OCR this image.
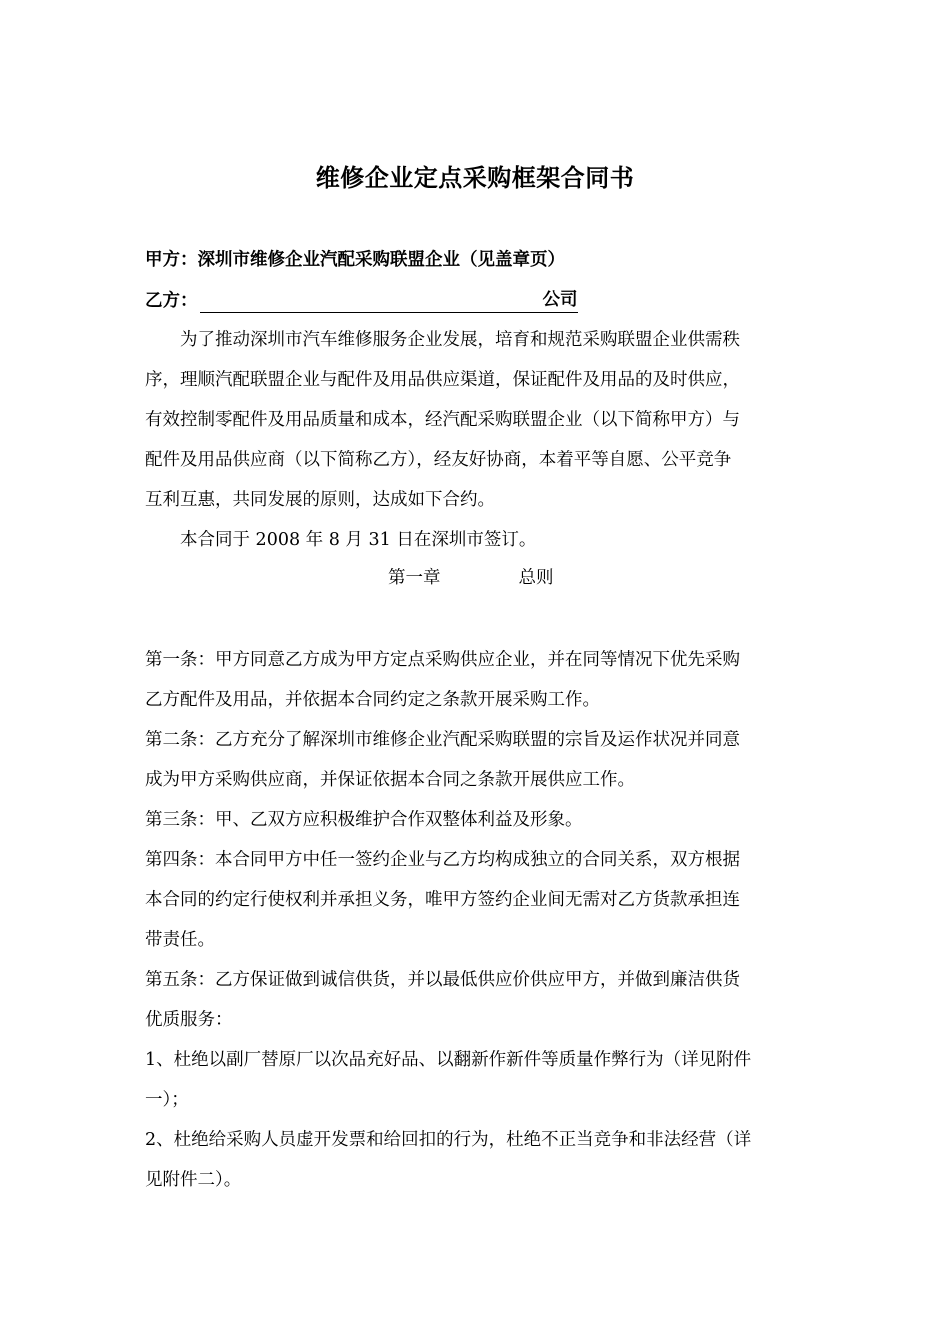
维修企业定点采购框架合同书
甲方：深圳市维修企业汽配采购联盟企业（见盖章页）
乙方：	公司
为了推动深圳市汽车维修服务企业发展，培育和规范采购联盟企业供需秩
序，理顺汽配联盟企业与配件及用品供应渠道，保证配件及用品的及时供应，
有效控制零配件及用品质量和成本，经汽配采购联盟企业（以下简称甲方）与
配件及用品供应商（以下简称乙方），经友好协商，本着平等自愿、公平竞争
互利互惠，共同发展的原则，达成如下合约。
本合同于 2008 年 8 月 31 日在深圳市签订。
第一章	总则
第一条：甲方同意乙方成为甲方定点采购供应企业，并在同等情况下优先采购
乙方配件及用品，并依据本合同约定之条款开展采购工作。
第二条：乙方充分了解深圳市维修企业汽配采购联盟的宗旨及运作状况并同意
成为甲方采购供应商，并保证依据本合同之条款开展供应工作。
第三条：甲、乙双方应积极维护合作双整体利益及形象。
第四条：本合同甲方中任一签约企业与乙方均构成独立的合同关系，双方根据
本合同的约定行使权利并承担义务，唯甲方签约企业间无需对乙方货款承担连
带责任。
第五条：乙方保证做到诚信供货，并以最低供应价供应甲方，并做到廉洁供货
优质服务：
1、杜绝以副厂替原厂以次品充好品、以翻新作新件等质量作弊行为（详见附件
一）；
2、杜绝给采购人员虚开发票和给回扣的行为，杜绝不正当竞争和非法经营（详
见附件二）。
